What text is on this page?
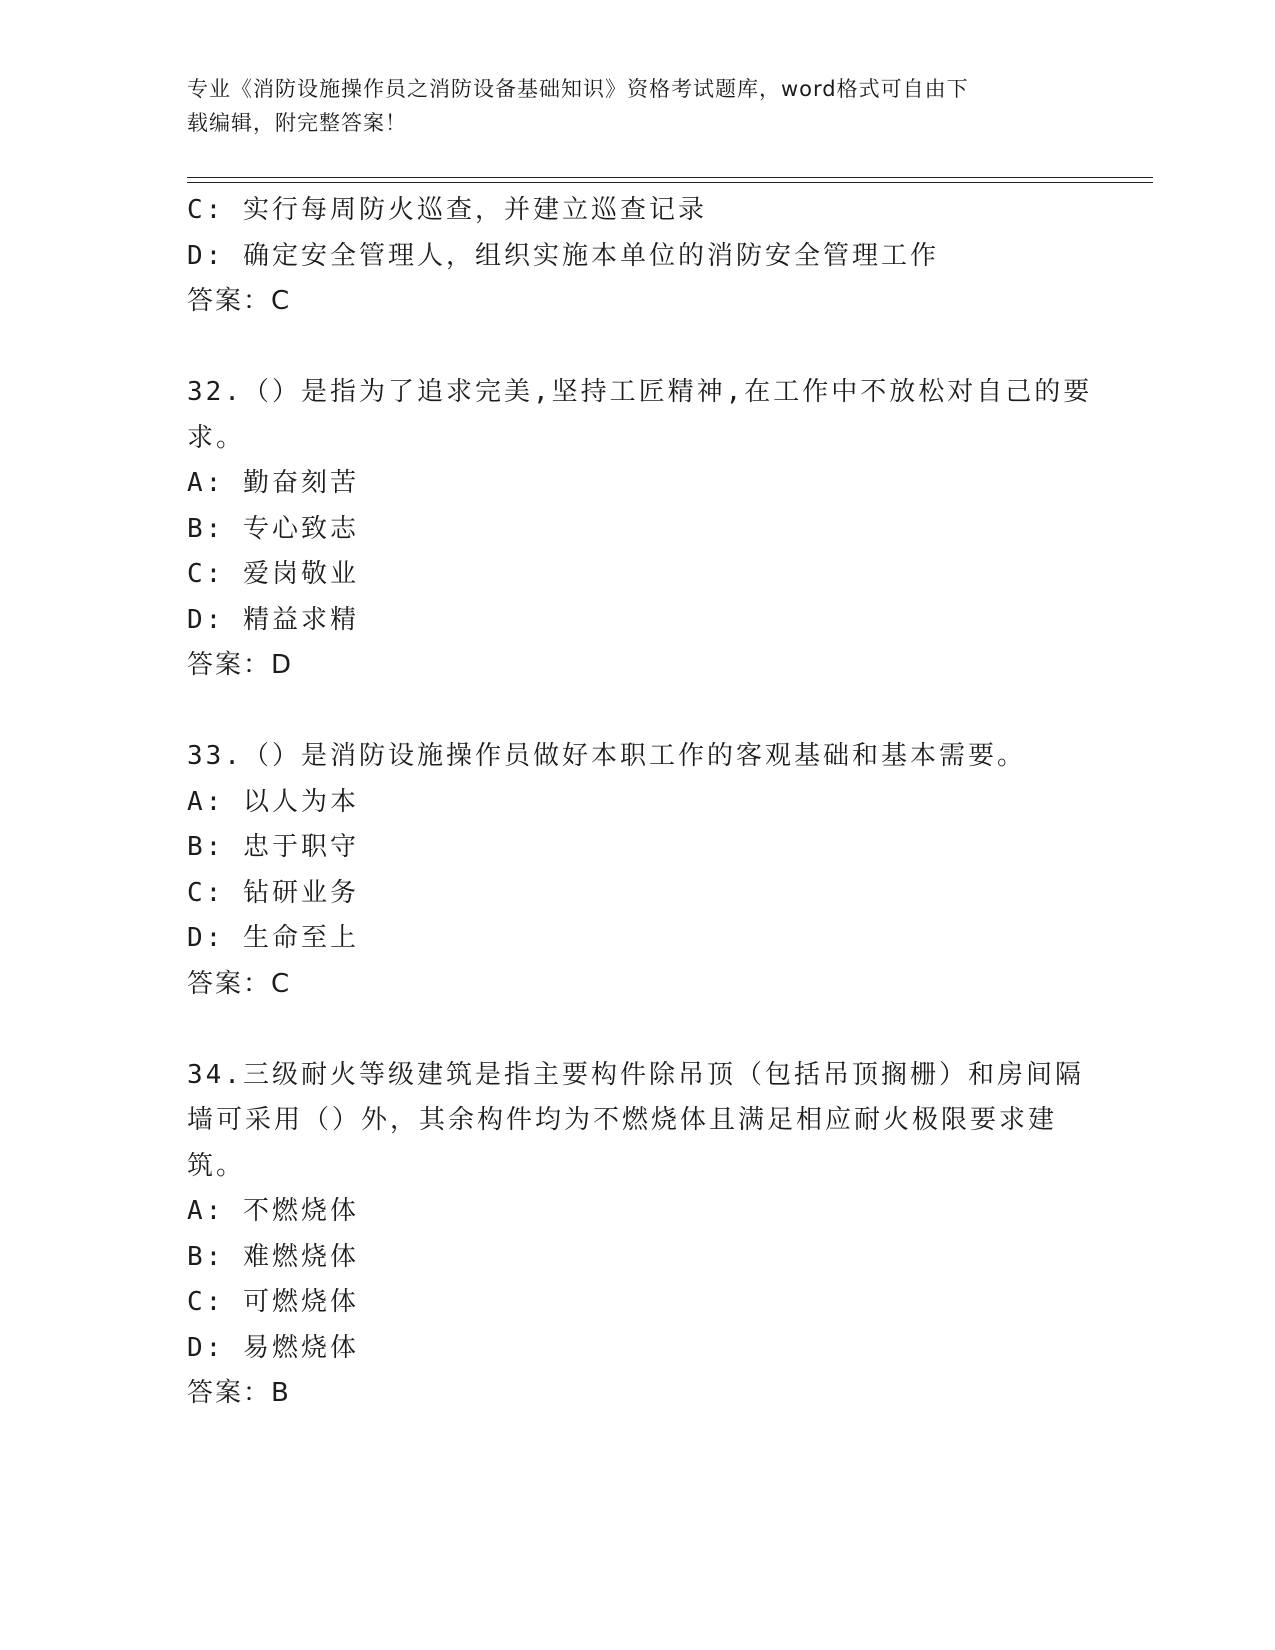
专业《消防设施操作员之消防设备基础知识》资格考试题库，word格式可自由下
载编辑，附完整答案！
C: 实行每周防火巡查，并建立巡查记录
D: 确定安全管理人，组织实施本单位的消防安全管理工作
答案：C
32.（）是指为了追求完美,坚持工匠精神,在工作中不放松对自己的要
求。
A: 勤奋刻苦
B: 专心致志
C: 爱岗敬业
D: 精益求精
答案：D
33.（）是消防设施操作员做好本职工作的客观基础和基本需要。
A: 以人为本
B: 忠于职守
C: 钻研业务
D: 生命至上
答案：C
34.三级耐火等级建筑是指主要构件除吊顶（包括吊顶搁栅）和房间隔
墙可采用（）外，其余构件均为不燃烧体且满足相应耐火极限要求建
筑。
A: 不燃烧体
B: 难燃烧体
C: 可燃烧体
D: 易燃烧体
答案：B
